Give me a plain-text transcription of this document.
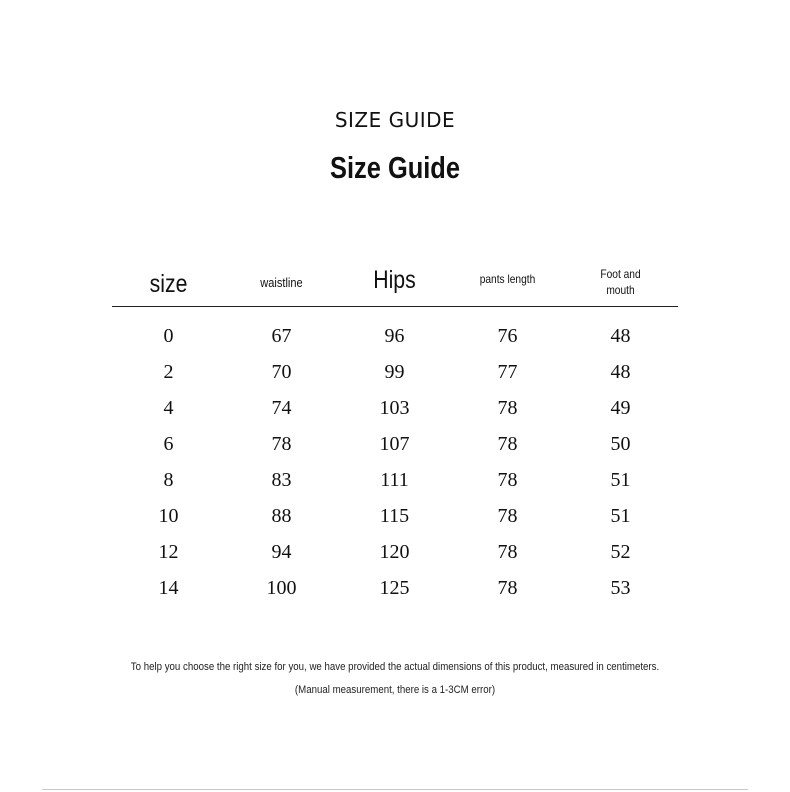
SIZE GUIDE
Size Guide
size	waistline	Hips	pants length	Foot and
mouth
0	67	96	76	48
2	70	99	77	48
4	74	103	78	49
6	78	107	78	50
8	83	111	78	51
10	88	115	78	51
12	94	120	78	52
14	100	125	78	53
To help you choose the right size for you, we have provided the actual dimensions of this product, measured in centimeters.
(Manual measurement, there is a 1-3CM error)
